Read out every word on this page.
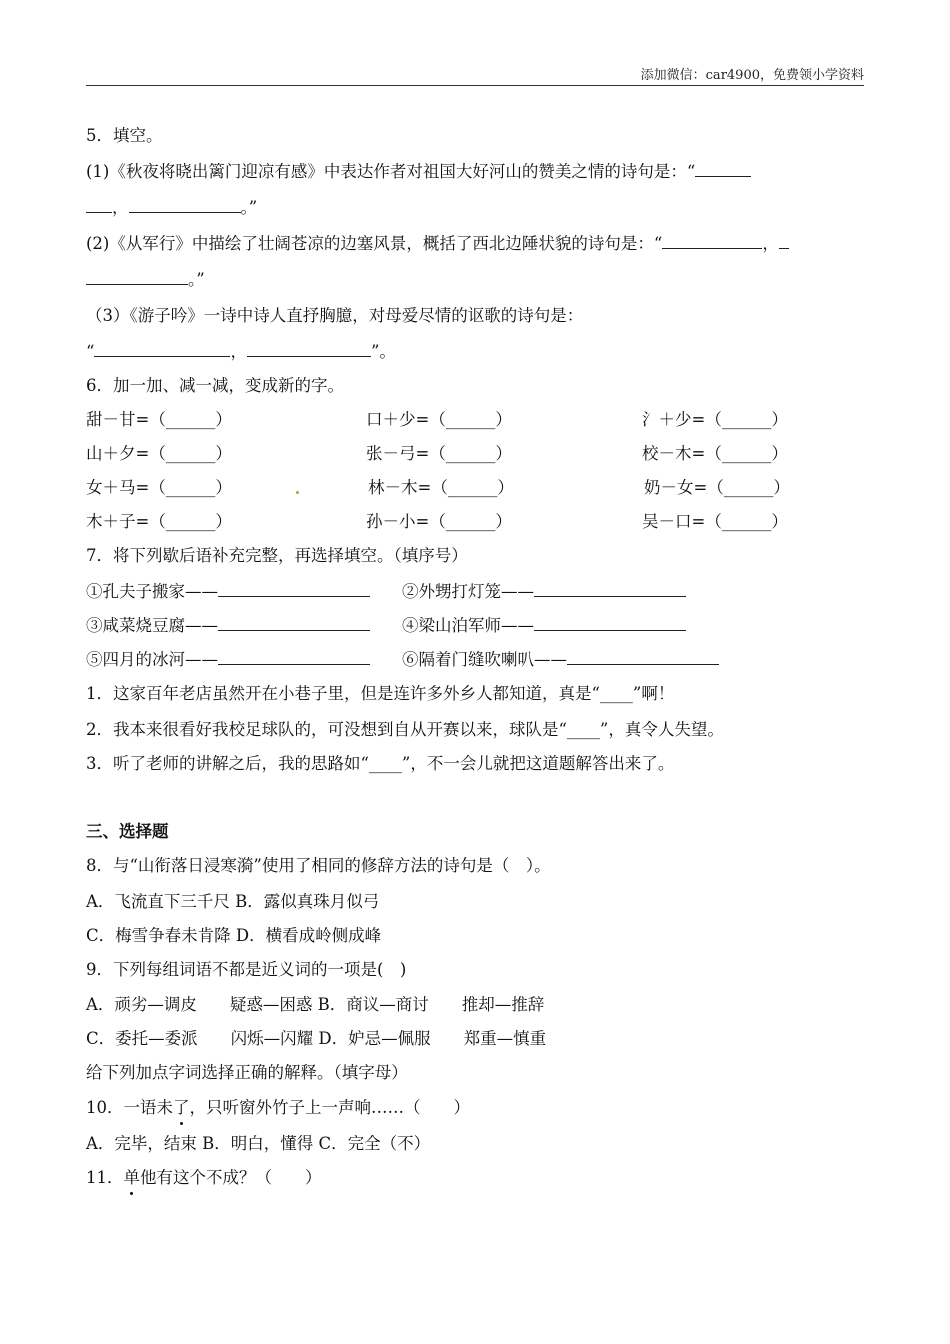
添加微信：car4900，免费领小学资料
5．填空。
(1)《秋夜将晓出篱门迎凉有感》中表达作者对祖国大好河山的赞美之情的诗句是：“
，	。”
(2)《从军行》中描绘了壮阔苍凉的边塞风景，概括了西北边陲状貌的诗句是：“	，
。”
（3）《游子吟》一诗中诗人直抒胸臆，对母爱尽情的讴歌的诗句是：
“	，	”。
6．加一加、减一减，变成新的字。
甜－甘=（______）	口＋少=（______）	氵＋少=（______）
山＋夕=（______）	张－弓=（______）	校－木=（______）
女＋马=（______）	林－木=（______）	奶－女=（______）
木＋子=（______）	孙－小=（______）	吴－口=（______）
7．将下列歇后语补充完整，再选择填空。（填序号）
①孔夫子搬家——	②外甥打灯笼——
③咸菜烧豆腐——	④梁山泊军师——
⑤四月的冰河——	⑥隔着门缝吹喇叭——
1．这家百年老店虽然开在小巷子里，但是连许多外乡人都知道，真是“____”啊！
2．我本来很看好我校足球队的，可没想到自从开赛以来，球队是“____”，真令人失望。
3．听了老师的讲解之后，我的思路如“____”，不一会儿就把这道题解答出来了。
三、选择题
8．与“山衔落日浸寒漪”使用了相同的修辞方法的诗句是（　）。
A．飞流直下三千尺 B．露似真珠月似弓
C．梅雪争春未肯降 D．横看成岭侧成峰
9．下列每组词语不都是近义词的一项是(　)
A．顽劣—调皮　　疑惑—困惑 B．商议—商讨　　推却—推辞
C．委托—委派　　闪烁—闪耀 D．妒忌—佩服　　郑重—慎重
给下列加点字词选择正确的解释。（填字母）
10．一语未了，只听窗外竹子上一声响……（　　）
A．完毕，结束 B．明白，懂得 C．完全（不）
11．单他有这个不成？（　　）
